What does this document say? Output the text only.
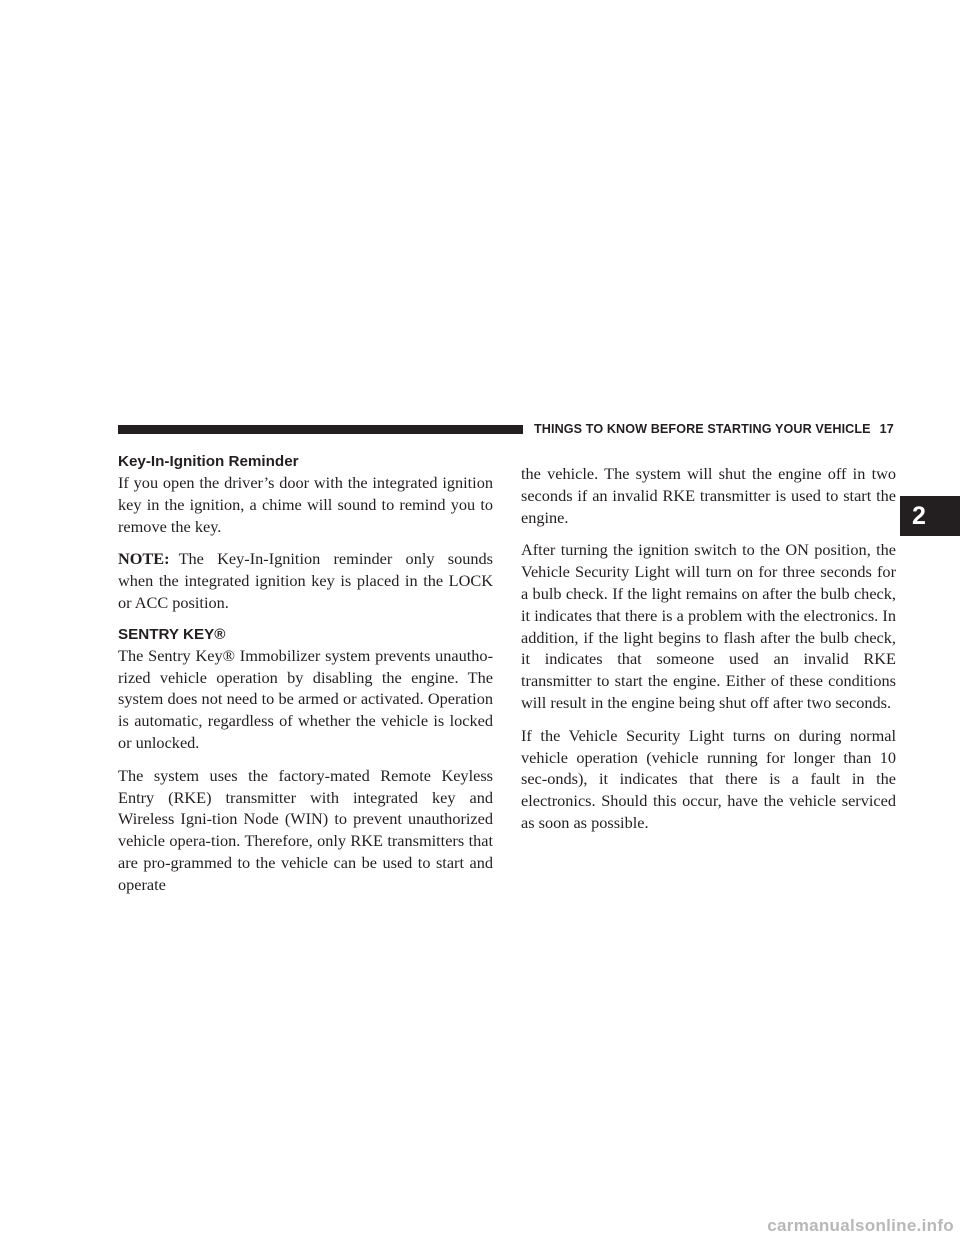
THINGS TO KNOW BEFORE STARTING YOUR VEHICLE 17
Key-In-Ignition Reminder

If you open the driver’s door with the integrated ignition key in the ignition, a chime will sound to remind you to remove the key.

NOTE: The Key-In-Ignition reminder only sounds when the integrated ignition key is placed in the LOCK or ACC position.

SENTRY KEY®

The Sentry Key® Immobilizer system prevents unautho-rized vehicle operation by disabling the engine. The system does not need to be armed or activated. Operation is automatic, regardless of whether the vehicle is locked or unlocked.

The system uses the factory-mated Remote Keyless Entry (RKE) transmitter with integrated key and Wireless Igni-tion Node (WIN) to prevent unauthorized vehicle opera-tion. Therefore, only RKE transmitters that are pro-grammed to the vehicle can be used to start and operate

the vehicle. The system will shut the engine off in two seconds if an invalid RKE transmitter is used to start the engine.

After turning the ignition switch to the ON position, the Vehicle Security Light will turn on for three seconds for a bulb check. If the light remains on after the bulb check, it indicates that there is a problem with the electronics. In addition, if the light begins to flash after the bulb check, it indicates that someone used an invalid RKE transmitter to start the engine. Either of these conditions will result in the engine being shut off after two seconds.

If the Vehicle Security Light turns on during normal vehicle operation (vehicle running for longer than 10 sec-onds), it indicates that there is a fault in the electronics. Should this occur, have the vehicle serviced as soon as possible.

2
carmanualsonline.info
